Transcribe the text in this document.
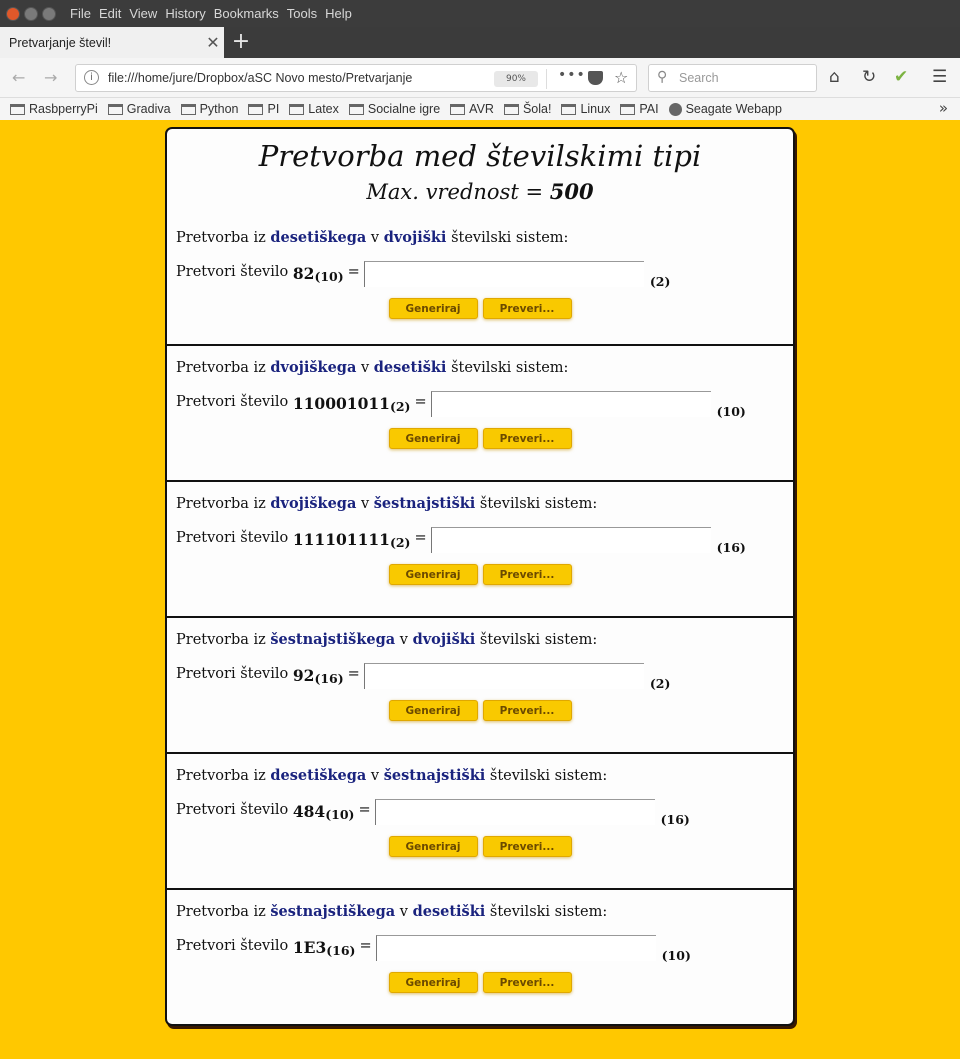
File Edit View History Bookmarks Tools Help
Pretvarjanje števil!	✕ +
← →	i	file:///home/jure/Dropbox/aSC Novo mesto/Pretvarjanje	90%	••• ☆ ⚲ Search	⌂ ↻ ✔ ☰
RasbperryPi Gradiva Python PI Latex Socialne igre AVR Šola! Linux PAI Seagate Webapp	»
Pretvorba med številskimi tipi
Max. vrednost = 500
Pretvorba iz desetiškega v dvojiški številski sistem:
Pretvori število
82 (10) =
(2)
Generiraj	Preveri...
Pretvorba iz dvojiškega v desetiški številski sistem:
Pretvori število
110001011 (2) =
(10)
Generiraj	Preveri...
Pretvorba iz dvojiškega v šestnajstiški številski sistem:
Pretvori število
111101111 (2) =
(16)
Generiraj	Preveri...
Pretvorba iz šestnajstiškega v dvojiški številski sistem:
Pretvori število
92 (16) =
(2)
Generiraj	Preveri...
Pretvorba iz desetiškega v šestnajstiški številski sistem:
Pretvori število
484 (10) =
(16)
Generiraj	Preveri...
Pretvorba iz šestnajstiškega v desetiški številski sistem:
Pretvori število
1E3 (16) =
(10)
Generiraj	Preveri...
